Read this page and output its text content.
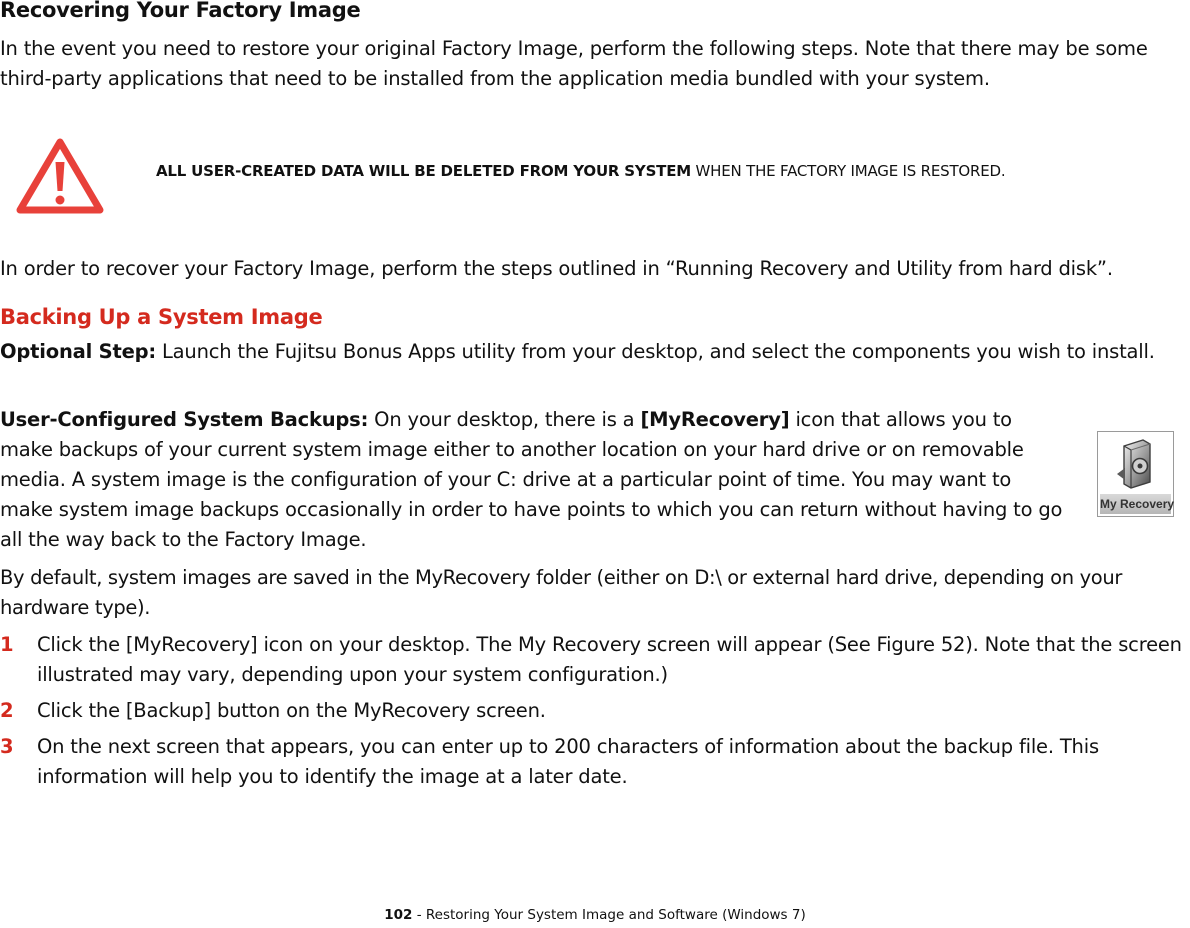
Recovering Your Factory Image
In the event you need to restore your original Factory Image, perform the following steps. Note that there may be some third-party applications that need to be installed from the application media bundled with your system.
ALL USER-CREATED DATA WILL BE DELETED FROM YOUR SYSTEM WHEN THE FACTORY IMAGE IS RESTORED.
In order to recover your Factory Image, perform the steps outlined in “Running Recovery and Utility from hard disk”.
Backing Up a System Image
Optional Step: Launch the Fujitsu Bonus Apps utility from your desktop, and select the components you wish to install.
User-Configured System Backups: On your desktop, there is a [MyRecovery] icon that allows you to make backups of your current system image either to another location on your hard drive or on removable media. A system image is the configuration of your C: drive at a particular point of time. You may want to make system image backups occasionally in order to have points to which you can return without having to go all the way back to the Factory Image.
My Recovery
By default, system images are saved in the MyRecovery folder (either on D:\ or external hard drive, depending on your hardware type).
1 Click the [MyRecovery] icon on your desktop. The My Recovery screen will appear (See Figure 52). Note that the screen illustrated may vary, depending upon your system configuration.)
2 Click the [Backup] button on the MyRecovery screen.
3 On the next screen that appears, you can enter up to 200 characters of information about the backup file. This information will help you to identify the image at a later date.
102 - Restoring Your System Image and Software (Windows 7)
